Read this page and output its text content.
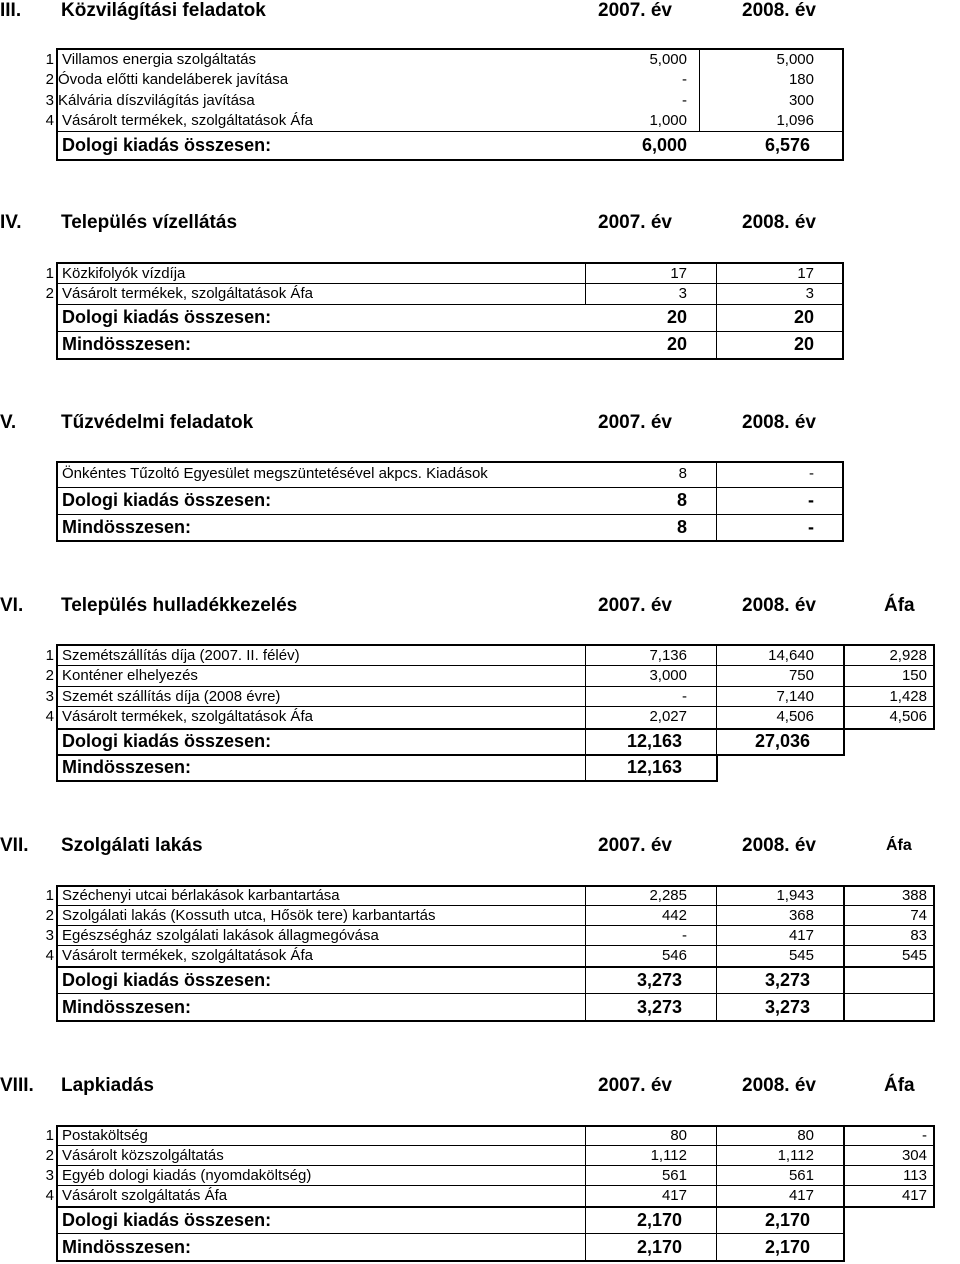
III. Közvilágítási feladatok	2007. év	2008. év
1 Villamos energia szolgáltatás	5,000	5,000
2 Óvoda előtti kandeláberek javítása	-	180
3 Kálvária díszvilágítás javítása	-	300
4 Vásárolt termékek, szolgáltatások Áfa	1,000	1,096
Dologi kiadás összesen:	6,000	6,576
IV. Település vízellátás	2007. év	2008. év
1 Közkifolyók vízdíja	17	17
2 Vásárolt termékek, szolgáltatások Áfa	3	3
Dologi kiadás összesen:	20	20
Mindösszesen:	20	20
V. Tűzvédelmi feladatok	2007. év	2008. év
Önkéntes Tűzoltó Egyesület megszüntetésével akpcs. Kiadások	8	-
Dologi kiadás összesen:	8	-
Mindösszesen:	8	-
VI. Település hulladékkezelés	2007. év	2008. év	Áfa
1 Szemétszállítás díja (2007. II. félév)	7,136	14,640	2,928
2 Konténer elhelyezés	3,000	750	150
3 Szemét szállítás díja (2008 évre)	-	7,140	1,428
4 Vásárolt termékek, szolgáltatások Áfa	2,027	4,506	4,506
Dologi kiadás összesen:	12,163	27,036
Mindösszesen:	12,163
VII. Szolgálati lakás	2007. év	2008. év	Áfa
1 Széchenyi utcai bérlakások karbantartása	2,285	1,943	388
2 Szolgálati lakás (Kossuth utca, Hősök tere) karbantartás	442	368	74
3 Egészségház szolgálati lakások állagmegóvása	-	417	83
4 Vásárolt termékek, szolgáltatások Áfa	546	545	545
Dologi kiadás összesen:	3,273	3,273
Mindösszesen:	3,273	3,273
VIII. Lapkiadás	2007. év	2008. év	Áfa
1 Postaköltség	80	80	-
2 Vásárolt közszolgáltatás	1,112	1,112	304
3 Egyéb dologi kiadás (nyomdaköltség)	561	561	113
4 Vásárolt szolgáltatás Áfa	417	417	417
Dologi kiadás összesen:	2,170	2,170
Mindösszesen:	2,170	2,170
